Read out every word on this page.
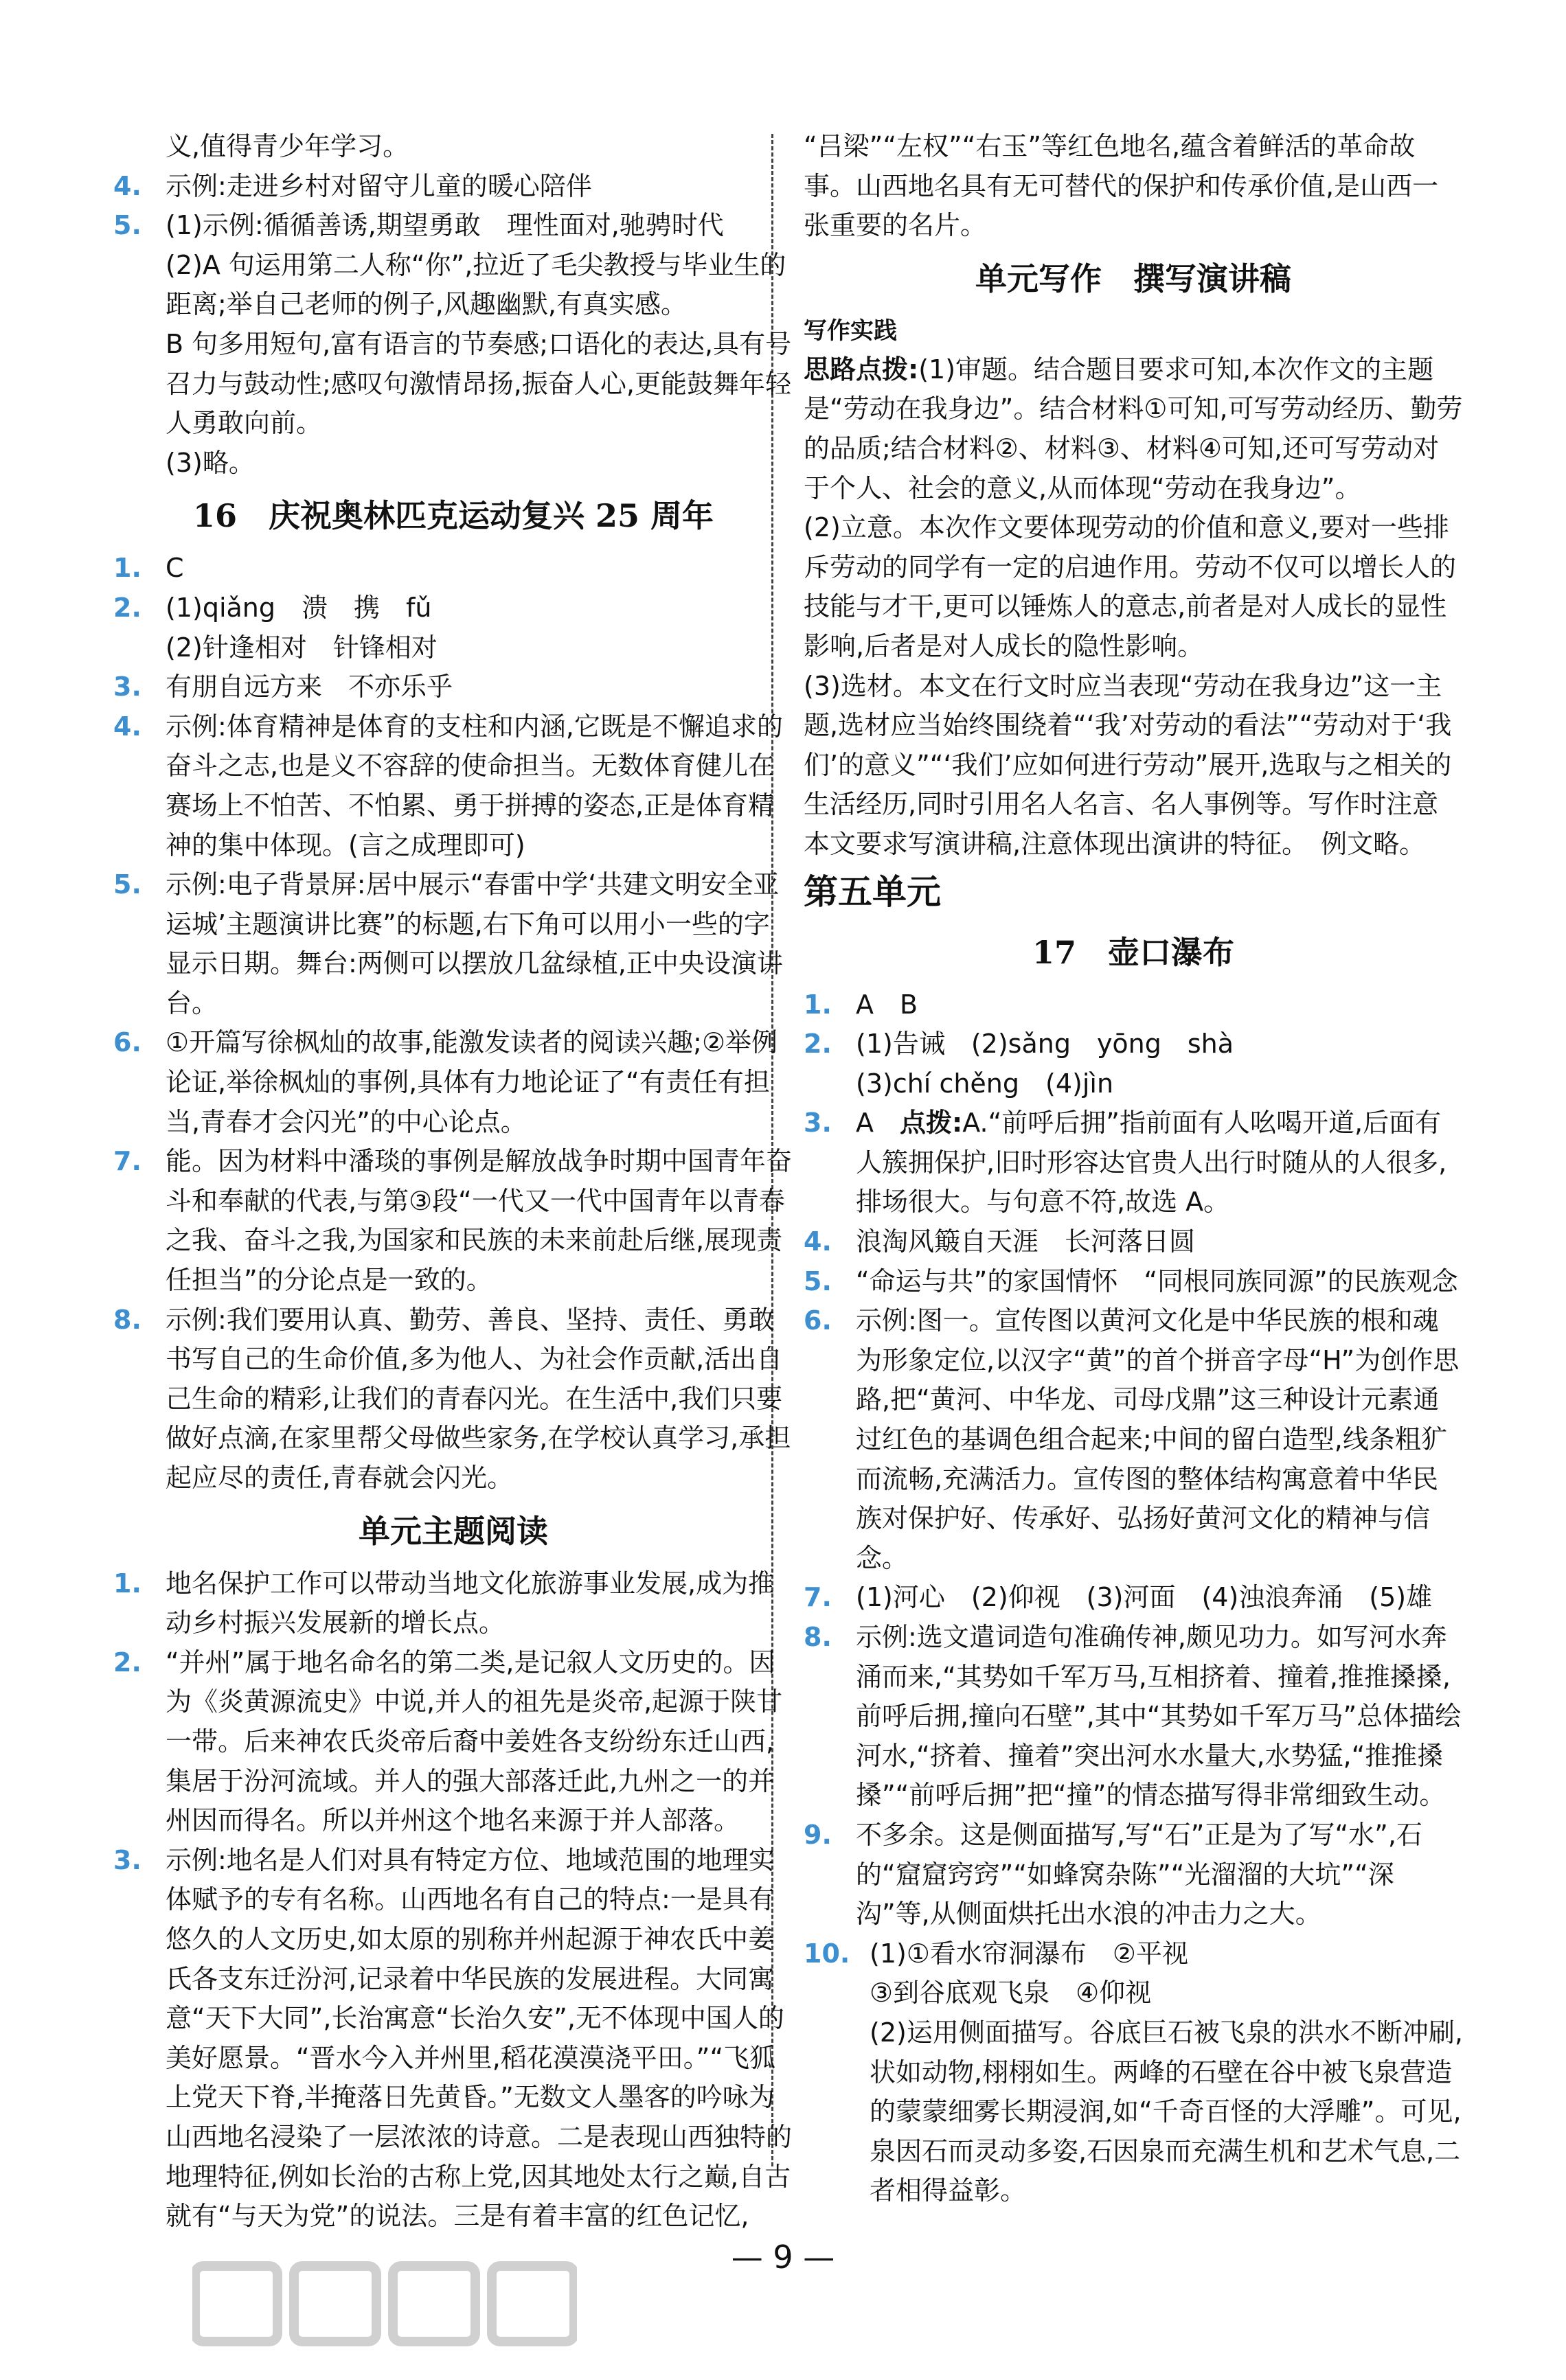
义,值得青少年学习。
4. 示例:走进乡村对留守儿童的暖心陪伴
5. (1)示例:循循善诱,期望勇敢　理性面对,驰骋时代
(2)A 句运用第二人称“你”,拉近了毛尖教授与毕业生的距离;举自己老师的例子,风趣幽默,有真实感。
B 句多用短句,富有语言的节奏感;口语化的表达,具有号召力与鼓动性;感叹句激情昂扬,振奋人心,更能鼓舞年轻人勇敢向前。
(3)略。
16　庆祝奥林匹克运动复兴 25 周年
1. C
2. (1)qiǎng　溃　携　fǔ
(2)针逢相对　针锋相对
3. 有朋自远方来　不亦乐乎
4. 示例:体育精神是体育的支柱和内涵,它既是不懈追求的奋斗之志,也是义不容辞的使命担当。无数体育健儿在赛场上不怕苦、不怕累、勇于拼搏的姿态,正是体育精神的集中体现。(言之成理即可)
5. 示例:电子背景屏:居中展示“春雷中学‘共建文明安全亚运城’主题演讲比赛”的标题,右下角可以用小一些的字显示日期。舞台:两侧可以摆放几盆绿植,正中央设演讲台。
6. ①开篇写徐枫灿的故事,能激发读者的阅读兴趣;②举例论证,举徐枫灿的事例,具体有力地论证了“有责任有担当,青春才会闪光”的中心论点。
7. 能。因为材料中潘琰的事例是解放战争时期中国青年奋斗和奉献的代表,与第③段“一代又一代中国青年以青春之我、奋斗之我,为国家和民族的未来前赴后继,展现责任担当”的分论点是一致的。
8. 示例:我们要用认真、勤劳、善良、坚持、责任、勇敢书写自己的生命价值,多为他人、为社会作贡献,活出自己生命的精彩,让我们的青春闪光。在生活中,我们只要做好点滴,在家里帮父母做些家务,在学校认真学习,承担起应尽的责任,青春就会闪光。
单元主题阅读
1. 地名保护工作可以带动当地文化旅游事业发展,成为推动乡村振兴发展新的增长点。
2. “并州”属于地名命名的第二类,是记叙人文历史的。因为《炎黄源流史》中说,并人的祖先是炎帝,起源于陕甘一带。后来神农氏炎帝后裔中姜姓各支纷纷东迁山西,集居于汾河流域。并人的强大部落迁此,九州之一的并州因而得名。所以并州这个地名来源于并人部落。
3. 示例:地名是人们对具有特定方位、地域范围的地理实体赋予的专有名称。山西地名有自己的特点:一是具有悠久的人文历史,如太原的别称并州起源于神农氏中姜氏各支东迁汾河,记录着中华民族的发展进程。大同寓意“天下大同”,长治寓意“长治久安”,无不体现中国人的美好愿景。“晋水今入并州里,稻花漠漠浇平田。”“飞狐上党天下脊,半掩落日先黄昏。”无数文人墨客的吟咏为山西地名浸染了一层浓浓的诗意。二是表现山西独特的地理特征,例如长治的古称上党,因其地处太行之巅,自古就有“与天为党”的说法。三是有着丰富的红色记忆,
“吕梁”“左权”“右玉”等红色地名,蕴含着鲜活的革命故事。山西地名具有无可替代的保护和传承价值,是山西一张重要的名片。
单元写作　撰写演讲稿
写作实践
思路点拨:(1)审题。结合题目要求可知,本次作文的主题是“劳动在我身边”。结合材料①可知,可写劳动经历、勤劳的品质;结合材料②、材料③、材料④可知,还可写劳动对于个人、社会的意义,从而体现“劳动在我身边”。
(2)立意。本次作文要体现劳动的价值和意义,要对一些排斥劳动的同学有一定的启迪作用。劳动不仅可以增长人的技能与才干,更可以锤炼人的意志,前者是对人成长的显性影响,后者是对人成长的隐性影响。
(3)选材。本文在行文时应当表现“劳动在我身边”这一主题,选材应当始终围绕着“‘我’对劳动的看法”“劳动对于‘我们’的意义”“‘我们’应如何进行劳动”展开,选取与之相关的生活经历,同时引用名人名言、名人事例等。写作时注意本文要求写演讲稿,注意体现出演讲的特征。　例文略。
第五单元
17　壶口瀑布
1. A　B
2. (1)告诫　(2)sǎng　yōng　shà
(3)chí chěng　(4)jìn
3. A　 点拨:A.“前呼后拥”指前面有人吆喝开道,后面有人簇拥保护,旧时形容达官贵人出行时随从的人很多,排场很大。与句意不符,故选 A。
4. 浪淘风簸自天涯　长河落日圆
5. “命运与共”的家国情怀　“同根同族同源”的民族观念
6. 示例:图一。宣传图以黄河文化是中华民族的根和魂为形象定位,以汉字“黄”的首个拼音字母“H”为创作思路,把“黄河、中华龙、司母戊鼎”这三种设计元素通过红色的基调色组合起来;中间的留白造型,线条粗犷而流畅,充满活力。宣传图的整体结构寓意着中华民族对保护好、传承好、弘扬好黄河文化的精神与信念。
7. (1)河心　(2)仰视　(3)河面　(4)浊浪奔涌　(5)雄
8. 示例:选文遣词造句准确传神,颇见功力。如写河水奔涌而来,“其势如千军万马,互相挤着、撞着,推推搡搡,前呼后拥,撞向石壁”,其中“其势如千军万马”总体描绘河水,“挤着、撞着”突出河水水量大,水势猛,“推推搡搡”“前呼后拥”把“撞”的情态描写得非常细致生动。
9. 不多余。这是侧面描写,写“石”正是为了写“水”,石的“窟窟窍窍”“如蜂窝杂陈”“光溜溜的大坑”“深沟”等,从侧面烘托出水浪的冲击力之大。
10. (1)①看水帘洞瀑布　②平视
③到谷底观飞泉　④仰视
(2)运用侧面描写。谷底巨石被飞泉的洪水不断冲刷,状如动物,栩栩如生。两峰的石壁在谷中被飞泉营造的蒙蒙细雾长期浸润,如“千奇百怪的大浮雕”。可见,泉因石而灵动多姿,石因泉而充满生机和艺术气息,二者相得益彰。
— 9 —
